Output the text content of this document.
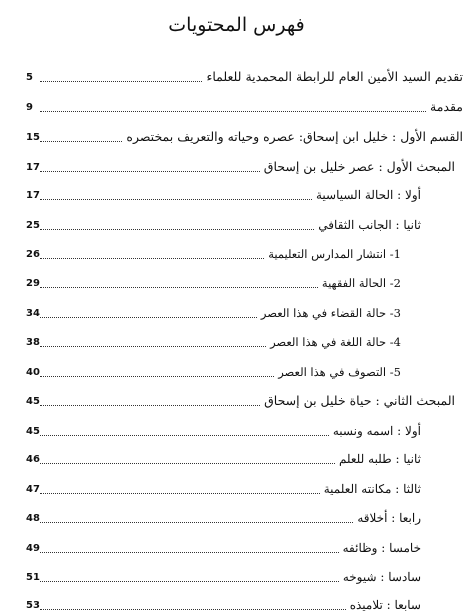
فهرس المحتويات
5	تقديم السيد الأمين العام للرابطة المحمدية للعلماء
9	مقدمة
15	القسم الأول : خليل ابن إسحاق: عصره وحياته والتعريف بمختصره
17	المبحث الأول : عصر خليل بن إسحاق
17	أولا : الحالة السياسية
25	ثانيا : الجانب الثقافي
26	1- انتشار المدارس التعليمية
29	2- الحالة الفقهية
34	3- حالة القضاء في هذا العصر
38	4- حالة اللغة في هذا العصر
40	5- التصوف في هذا العصر
45	المبحث الثاني : حياة خليل بن إسحاق
45	أولا : اسمه ونسبه
46	ثانيا : طلبه للعلم
47	ثالثا : مكانته العلمية
48	رابعا : أخلاقه
49	خامسا : وظائفه
51	سادسا : شيوخه
53	سابعا : تلاميذه
